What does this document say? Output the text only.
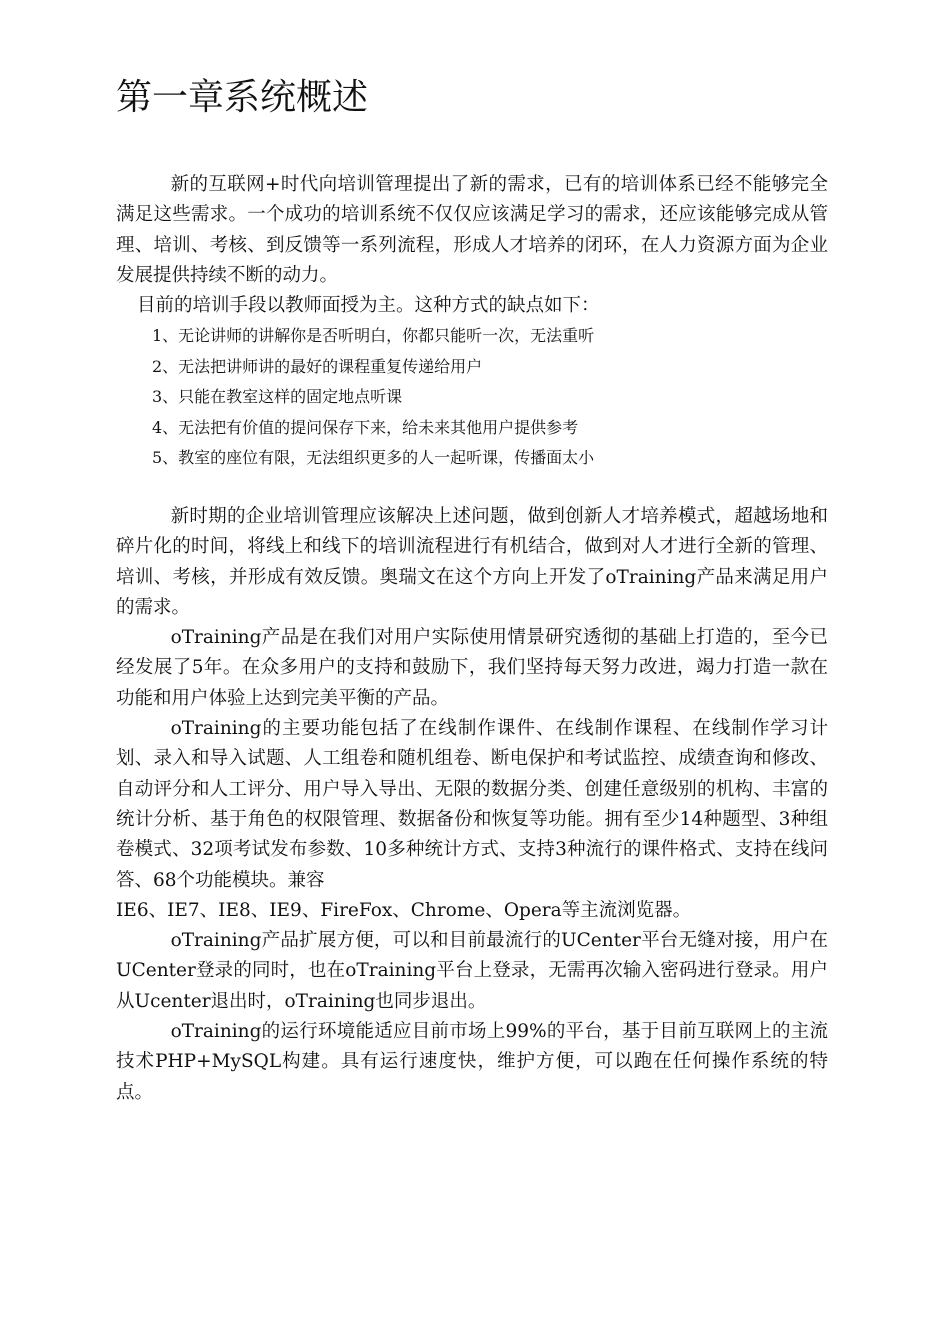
第一章系统概述

新的互联网+时代向培训管理提出了新的需求，已有的培训体系已经不能够完全满足这些需求。一个成功的培训系统不仅仅应该满足学习的需求，还应该能够完成从管理、培训、考核、到反馈等一系列流程，形成人才培养的闭环，在人力资源方面为企业发展提供持续不断的动力。

目前的培训手段以教师面授为主。这种方式的缺点如下：

1、无论讲师的讲解你是否听明白，你都只能听一次，无法重听
2、无法把讲师讲的最好的课程重复传递给用户
3、只能在教室这样的固定地点听课
4、无法把有价值的提问保存下来，给未来其他用户提供参考
5、教室的座位有限，无法组织更多的人一起听课，传播面太小

新时期的企业培训管理应该解决上述问题，做到创新人才培养模式，超越场地和碎片化的时间，将线上和线下的培训流程进行有机结合，做到对人才进行全新的管理、培训、考核，并形成有效反馈。奥瑞文在这个方向上开发了oTraining产品来满足用户的需求。

oTraining产品是在我们对用户实际使用情景研究透彻的基础上打造的，至今已经发展了5年。在众多用户的支持和鼓励下，我们坚持每天努力改进，竭力打造一款在功能和用户体验上达到完美平衡的产品。

oTraining的主要功能包括了在线制作课件、在线制作课程、在线制作学习计划、录入和导入试题、人工组卷和随机组卷、断电保护和考试监控、成绩查询和修改、自动评分和人工评分、用户导入导出、无限的数据分类、创建任意级别的机构、丰富的统计分析、基于角色的权限管理、数据备份和恢复等功能。拥有至少14种题型、3种组卷模式、32项考试发布参数、10多种统计方式、支持3种流行的课件格式、支持在线问答、68个功能模块。兼容
IE6、IE7、IE8、IE9、FireFox、Chrome、Opera等主流浏览器。

oTraining产品扩展方便，可以和目前最流行的UCenter平台无缝对接，用户在UCenter登录的同时，也在oTraining平台上登录，无需再次输入密码进行登录。用户从Ucenter退出时，oTraining也同步退出。

oTraining的运行环境能适应目前市场上99%的平台，基于目前互联网上的主流技术PHP+MySQL构建。具有运行速度快，维护方便，可以跑在任何操作系统的特点。
